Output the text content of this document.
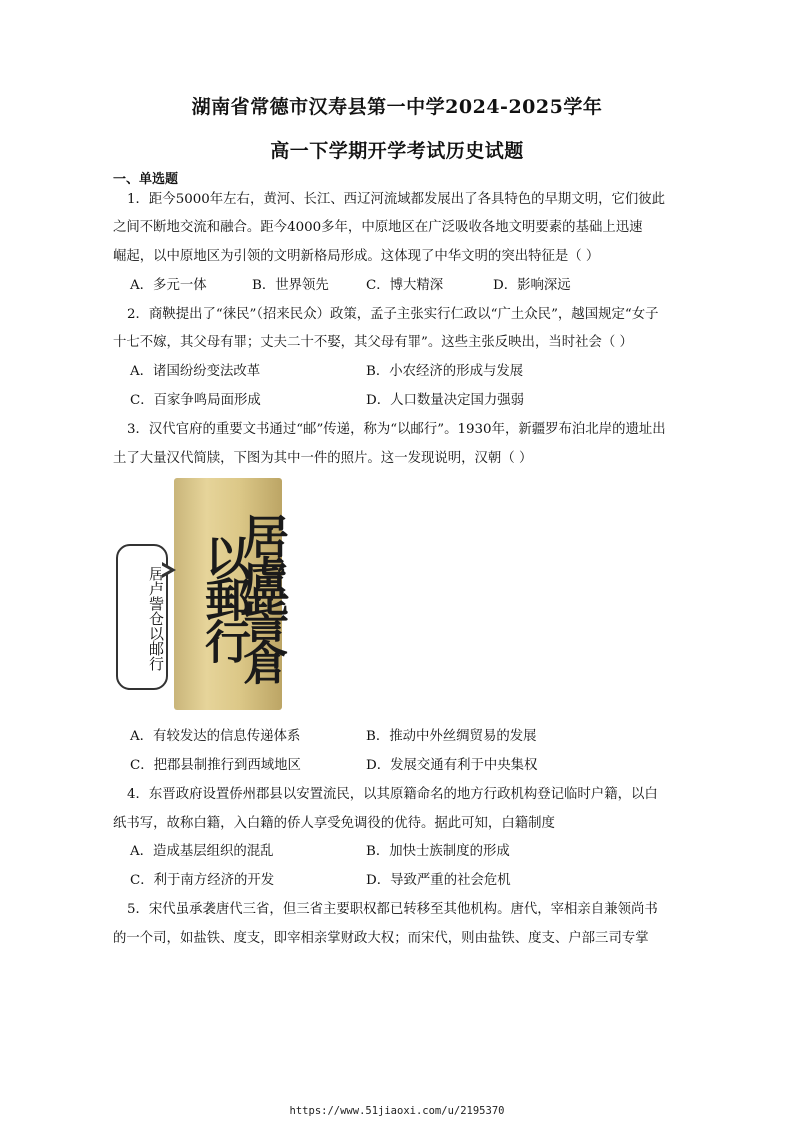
湖南省常德市汉寿县第一中学2024-2025学年
高一下学期开学考试历史试题
一、单选题
1．距今5000年左右，黄河、长江、西辽河流域都发展出了各具特色的早期文明，它们彼此
之间不断地交流和融合。距今4000多年，中原地区在广泛吸收各地文明要素的基础上迅速
崛起，以中原地区为引领的文明新格局形成。这体现了中华文明的突出特征是（ ）
A．多元一体	B．世界领先	C．博大精深	D．影响深远
2．商鞅提出了“徕民”（招来民众）政策，孟子主张实行仁政以“广土众民”，越国规定“女子
十七不嫁，其父母有罪；丈夫二十不娶，其父母有罪”。这些主张反映出，当时社会（ ）
A．诸国纷纷变法改革	B．小农经济的形成与发展
C．百家争鸣局面形成	D．人口数量决定国力强弱
3．汉代官府的重要文书通过“邮”传递，称为“以邮行”。1930年，新疆罗布泊北岸的遗址出
土了大量汉代简牍，下图为其中一件的照片。这一发现说明，汉朝（ ）
居盧訾倉以郵行
居卢訾仓以邮行
A．有较发达的信息传递体系	B．推动中外丝绸贸易的发展
C．把郡县制推行到西域地区	D．发展交通有利于中央集权
4．东晋政府设置侨州郡县以安置流民，以其原籍命名的地方行政机构登记临时户籍，以白
纸书写，故称白籍，入白籍的侨人享受免调役的优待。据此可知，白籍制度
A．造成基层组织的混乱	B．加快士族制度的形成
C．利于南方经济的开发	D．导致严重的社会危机
5．宋代虽承袭唐代三省，但三省主要职权都已转移至其他机构。唐代，宰相亲自兼领尚书
的一个司，如盐铁、度支，即宰相亲掌财政大权；而宋代，则由盐铁、度支、户部三司专掌
https://www.51jiaoxi.com/u/2195370
